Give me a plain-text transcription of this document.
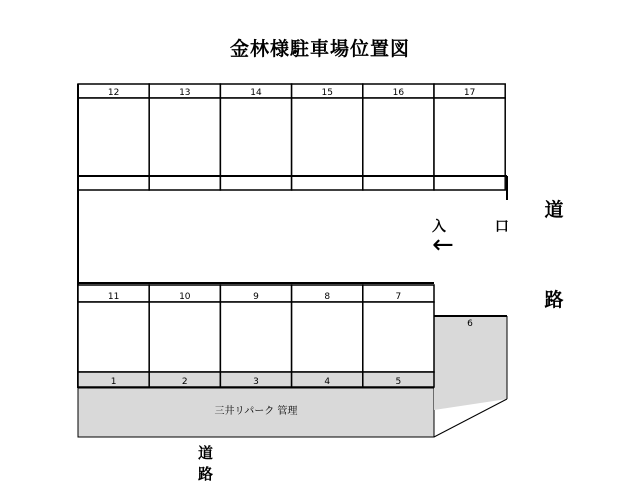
金林様駐車場位置図
12	13	14	15	16	17
11	10	9	8	7
1	2	3	4	5
6
道
路
入 口
←
三井リパーク 管理
道 路
